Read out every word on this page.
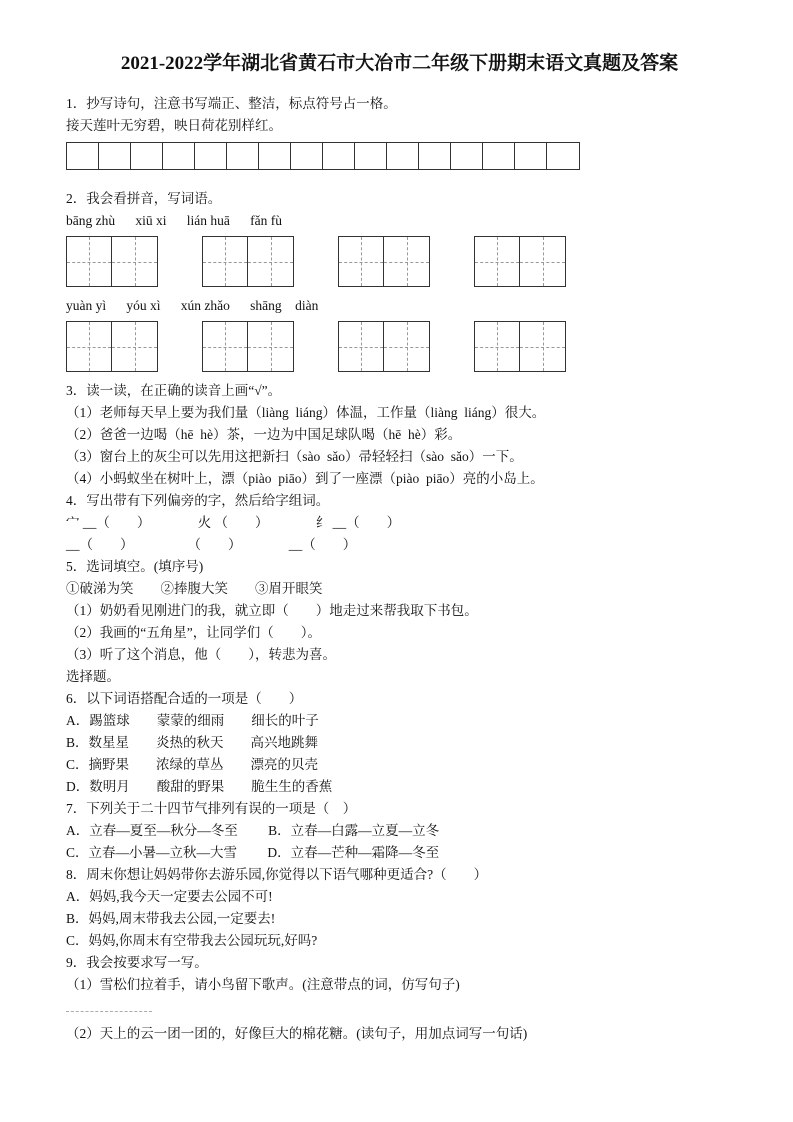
2021-2022学年湖北省黄石市大冶市二年级下册期末语文真题及答案
1．抄写诗句，注意书写端正、整洁，标点符号占一格。
接天莲叶无穷碧，映日荷花别样红。
2．我会看拼音，写词语。
bāng zhù      xiū xi      lián huā      fǎn fù
yuàn yì      yóu xì      xún zhǎo      shāng    diàn
3．读一读，在正确的读音上画“√”。
（1）老师每天早上要为我们量（liàng  liáng）体温，工作量（liàng  liáng）很大。
（2）爸爸一边喝（hē  hè）茶，一边为中国足球队喝（hē  hè）彩。
（3）窗台上的灰尘可以先用这把新扫（sào  sǎo）帚轻轻扫（sào  sǎo）一下。
（4）小蚂蚁坐在树叶上，漂（piào  piāo）到了一座漂（piào  piāo）亮的小岛上。
4．写出带有下列偏旁的字，然后给字组词。
宀 __（　　）　　　　火 （　　）　　　　纟 __（　　）
__（　　）　　　　　（　　）　　　　__（　　）
5．选词填空。(填序号)
①破涕为笑　　②捧腹大笑　　③眉开眼笑
（1）奶奶看见刚进门的我，就立即（　　）地走过来帮我取下书包。
（2）我画的“五角星”，让同学们（　　）。
（3）听了这个消息，他（　　），转悲为喜。
选择题。
6．以下词语搭配合适的一项是（　　）
A．踢篮球　　蒙蒙的细雨　　细长的叶子
B．数星星　　炎热的秋天　　高兴地跳舞
C．摘野果　　浓绿的草丛　　漂亮的贝壳
D．数明月　　酸甜的野果　　脆生生的香蕉
7．下列关于二十四节气排列有误的一项是（　）
A．立春—夏至—秋分—冬至　　 B．立春—白露—立夏—立冬
C．立春—小暑—立秋—大雪　　 D．立春—芒种—霜降—冬至
8．周末你想让妈妈带你去游乐园,你觉得以下语气哪种更适合?（　　）
A．妈妈,我今天一定要去公园不可!
B．妈妈,周末带我去公园,一定要去!
C．妈妈,你周末有空带我去公园玩玩,好吗?
9．我会按要求写一写。
（1）雪松们拉着手，请小鸟留下歌声。(注意带点的词，仿写句子)
（2）天上的云一团一团的，好像巨大的棉花糖。(读句子，用加点词写一句话)
